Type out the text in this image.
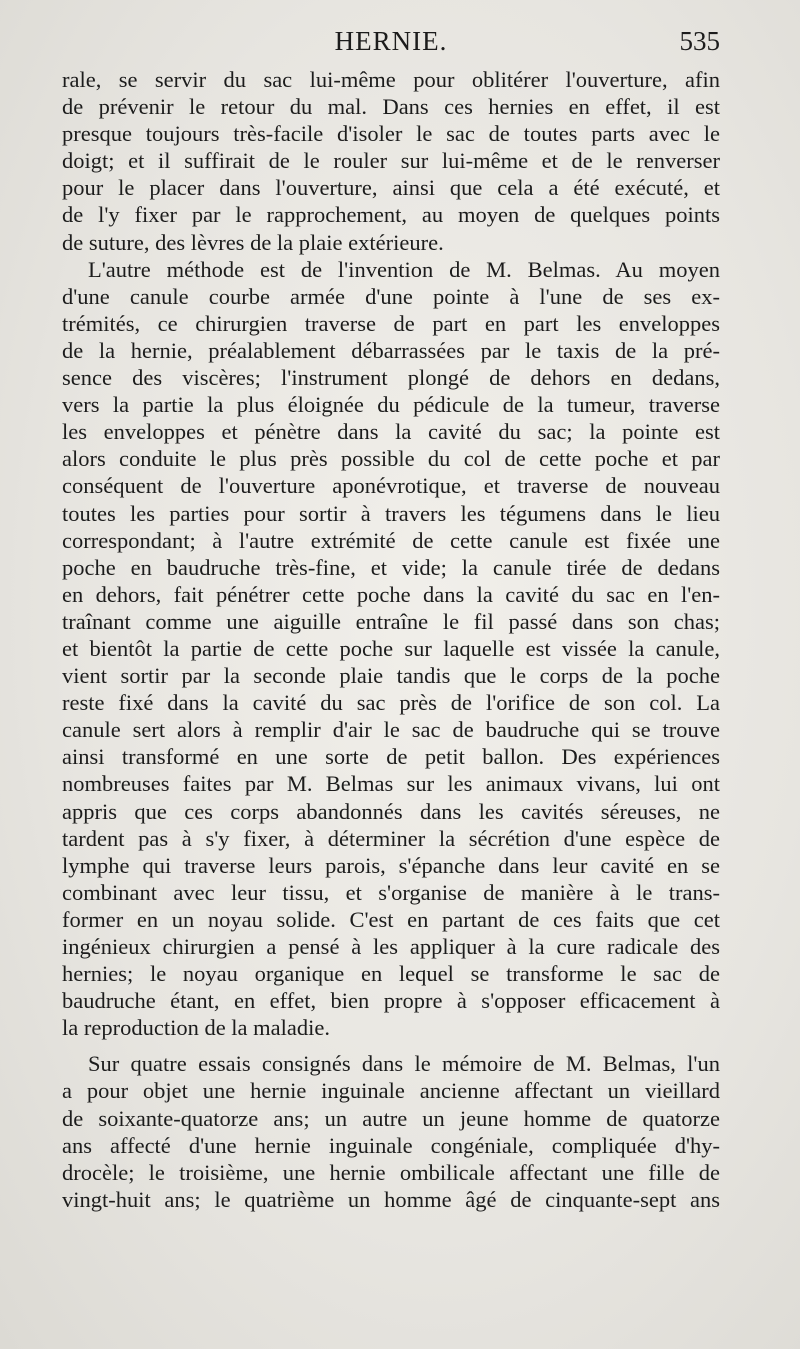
HERNIE.	535
rale, se servir du sac lui-même pour oblitérer l'ouverture, afin
de prévenir le retour du mal. Dans ces hernies en effet, il est
presque toujours très-facile d'isoler le sac de toutes parts avec le
doigt; et il suffirait de le rouler sur lui-même et de le renverser
pour le placer dans l'ouverture, ainsi que cela a été exécuté, et
de l'y fixer par le rapprochement, au moyen de quelques points
de suture, des lèvres de la plaie extérieure.
L'autre méthode est de l'invention de M. Belmas. Au moyen
d'une canule courbe armée d'une pointe à l'une de ses ex-
trémités, ce chirurgien traverse de part en part les enveloppes
de la hernie, préalablement débarrassées par le taxis de la pré-
sence des viscères; l'instrument plongé de dehors en dedans,
vers la partie la plus éloignée du pédicule de la tumeur, traverse
les enveloppes et pénètre dans la cavité du sac; la pointe est
alors conduite le plus près possible du col de cette poche et par
conséquent de l'ouverture aponévrotique, et traverse de nouveau
toutes les parties pour sortir à travers les tégumens dans le lieu
correspondant; à l'autre extrémité de cette canule est fixée une
poche en baudruche très-fine, et vide; la canule tirée de dedans
en dehors, fait pénétrer cette poche dans la cavité du sac en l'en-
traînant comme une aiguille entraîne le fil passé dans son chas;
et bientôt la partie de cette poche sur laquelle est vissée la canule,
vient sortir par la seconde plaie tandis que le corps de la poche
reste fixé dans la cavité du sac près de l'orifice de son col. La
canule sert alors à remplir d'air le sac de baudruche qui se trouve
ainsi transformé en une sorte de petit ballon. Des expériences
nombreuses faites par M. Belmas sur les animaux vivans, lui ont
appris que ces corps abandonnés dans les cavités séreuses, ne
tardent pas à s'y fixer, à déterminer la sécrétion d'une espèce de
lymphe qui traverse leurs parois, s'épanche dans leur cavité en se
combinant avec leur tissu, et s'organise de manière à le trans-
former en un noyau solide. C'est en partant de ces faits que cet
ingénieux chirurgien a pensé à les appliquer à la cure radicale des
hernies; le noyau organique en lequel se transforme le sac de
baudruche étant, en effet, bien propre à s'opposer efficacement à
la reproduction de la maladie.
Sur quatre essais consignés dans le mémoire de M. Belmas, l'un
a pour objet une hernie inguinale ancienne affectant un vieillard
de soixante-quatorze ans; un autre un jeune homme de quatorze
ans affecté d'une hernie inguinale congéniale, compliquée d'hy-
drocèle; le troisième, une hernie ombilicale affectant une fille de
vingt-huit ans; le quatrième un homme âgé de cinquante-sept ans
